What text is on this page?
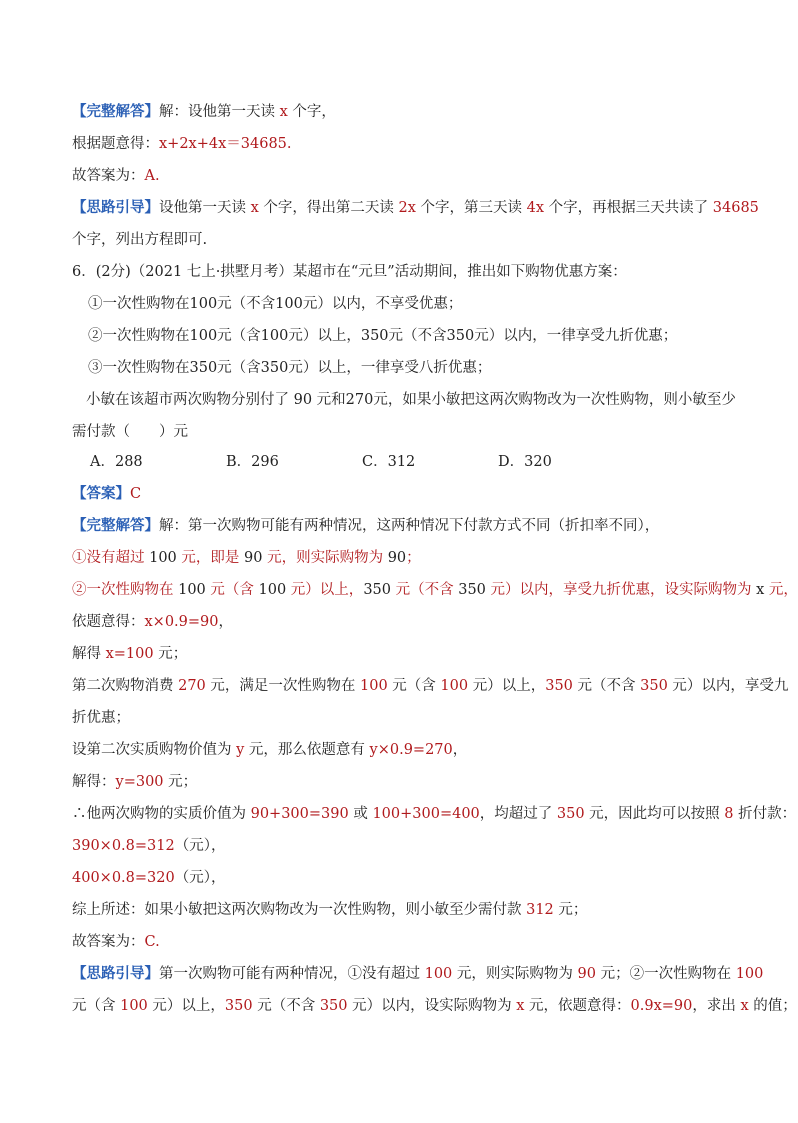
【完整解答】解：设他第一天读 x 个字，
根据题意得：x+2x+4x＝34685.
故答案为：A.
【思路引导】设他第一天读 x 个字，得出第二天读 2x 个字，第三天读 4x 个字，再根据三天共读了 34685
个字，列出方程即可.
6．(2分)（2021 七上·拱墅月考）某超市在“元旦”活动期间，推出如下购物优惠方案：
①一次性购物在100元（不含100元）以内，不享受优惠；
②一次性购物在100元（含100元）以上，350元（不含350元）以内，一律享受九折优惠；
③一次性购物在350元（含350元）以上，一律享受八折优惠；
小敏在该超市两次购物分别付了 90 元和270元，如果小敏把这两次购物改为一次性购物，则小敏至少
需付款（　　）元
A．288	B．296	C．312	D．320
【答案】C
【完整解答】解：第一次购物可能有两种情况，这两种情况下付款方式不同（折扣率不同），
①没有超过 100 元，即是 90 元，则实际购物为 90；
②一次性购物在 100 元（含 100 元）以上，350 元（不含 350 元）以内，享受九折优惠，设实际购物为 x 元，
依题意得：x×0.9=90，
解得 x=100 元；
第二次购物消费 270 元，满足一次性购物在 100 元（含 100 元）以上，350 元（不含 350 元）以内，享受九
折优惠；
设第二次实质购物价值为 y 元，那么依题意有 y×0.9=270，
解得：y=300 元；
∴他两次购物的实质价值为 90+300=390 或 100+300=400，均超过了 350 元，因此均可以按照 8 折付款：
390×0.8=312（元），
400×0.8=320（元），
综上所述：如果小敏把这两次购物改为一次性购物，则小敏至少需付款 312 元；
故答案为：C.
【思路引导】第一次购物可能有两种情况，①没有超过 100 元，则实际购物为 90 元；②一次性购物在 100
元（含 100 元）以上，350 元（不含 350 元）以内，设实际购物为 x 元，依题意得：0.9x=90，求出 x 的值；
